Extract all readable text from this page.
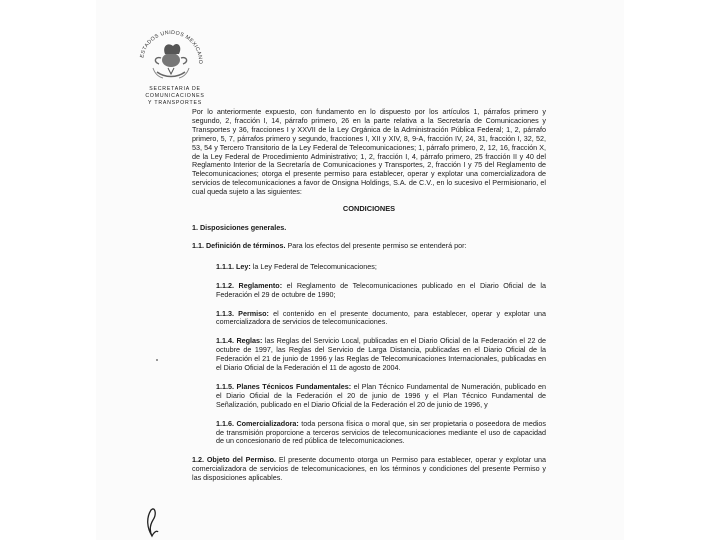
ESTADOS UNIDOS MEXICANO
SECRETARIA DE COMUNICACIONES
Y TRANSPORTES

Por lo anteriormente expuesto, con fundamento en lo dispuesto por los artículos 1, párrafos primero y segundo, 2, fracción I, 14, párrafo primero, 26 en la parte relativa a la Secretaría de Comunicaciones y Transportes y 36, fracciones I y XXVII de la Ley Orgánica de la Administración Pública Federal; 1, 2, párrafo primero, 5, 7, párrafos primero y segundo, fracciones I, XII y XIV, 8, 9-A, fracción IV, 24, 31, fracción I, 32, 52, 53, 54 y Tercero Transitorio de la Ley Federal de Telecomunicaciones; 1, párrafo primero, 2, 12, 16, fracción X, de la Ley Federal de Procedimiento Administrativo; 1, 2, fracción I, 4, párrafo primero, 25 fracción II y 40 del Reglamento Interior de la Secretaría de Comunicaciones y Transportes, 2, fracción I y 75 del Reglamento de Telecomunicaciones; otorga el presente permiso para establecer, operar y explotar una comercializadora de servicios de telecomunicaciones a favor de Onsigna Holdings, S.A. de C.V., en lo sucesivo el Permisionario, el cual queda sujeto a las siguientes:

CONDICIONES
1. Disposiciones generales.
1.1. Definición de términos. Para los efectos del presente permiso se entenderá por:
1.1.1. Ley: la Ley Federal de Telecomunicaciones;
1.1.2. Reglamento: el Reglamento de Telecomunicaciones publicado en el Diario Oficial de la Federación el 29 de octubre de 1990;
1.1.3. Permiso: el contenido en el presente documento, para establecer, operar y explotar una comercializadora de servicios de telecomunicaciones.
1.1.4. Reglas: las Reglas del Servicio Local, publicadas en el Diario Oficial de la Federación el 22 de octubre de 1997, las Reglas del Servicio de Larga Distancia, publicadas en el Diario Oficial de la Federación el 21 de junio de 1996 y las Reglas de Telecomunicaciones Internacionales, publicadas en el Diario Oficial de la Federación el 11 de agosto de 2004.
1.1.5. Planes Técnicos Fundamentales: el Plan Técnico Fundamental de Numeración, publicado en el Diario Oficial de la Federación el 20 de junio de 1996 y el Plan Técnico Fundamental de Señalización, publicado en el Diario Oficial de la Federación el 20 de junio de 1996, y
1.1.6. Comercializadora: toda persona física o moral que, sin ser propietaria o poseedora de medios de transmisión proporcione a terceros servicios de telecomunicaciones mediante el uso de capacidad de un concesionario de red pública de telecomunicaciones.

1.2. Objeto del Permiso. El presente documento otorga un Permiso para establecer, operar y explotar una comercializadora de servicios de telecomunicaciones, en los términos y condiciones del presente Permiso y las disposiciones aplicables.
